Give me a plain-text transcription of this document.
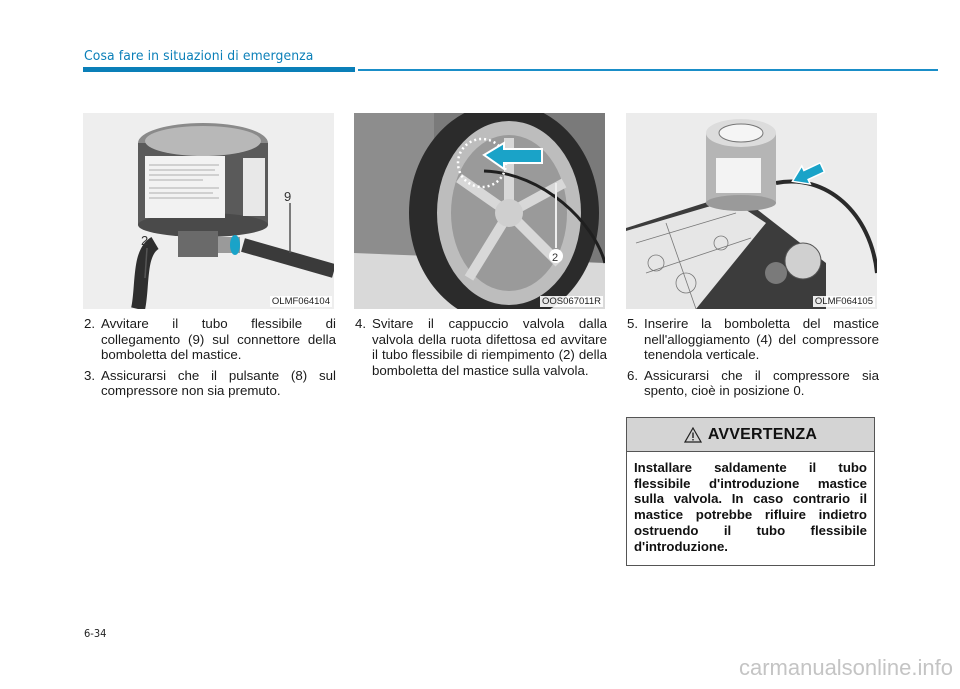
Cosa fare in situazioni di emergenza
9
2
OLMF064104
2
OOS067011R	OLMF064105
2. Avvitare il tubo flessibile di collegamento (9) sul connettore della bomboletta del mastice.
3. Assicurarsi che il pulsante (8) sul compressore non sia premuto.
4. Svitare il cappuccio valvola dalla valvola della ruota difettosa ed avvitare il tubo flessibile di riempimento (2) della bomboletta del mastice sulla valvola.
5. Inserire la bomboletta del mastice nell'alloggiamento (4) del compressore tenendola verticale.
6. Assicurarsi che il compressore sia spento, cioè in posizione 0.
AVVERTENZA
Installare saldamente il tubo flessibile d'introduzione mastice sulla valvola. In caso contrario il mastice potrebbe rifluire indietro ostruendo il tubo flessibile d'introduzione.
6-34
carmanualsonline.info
